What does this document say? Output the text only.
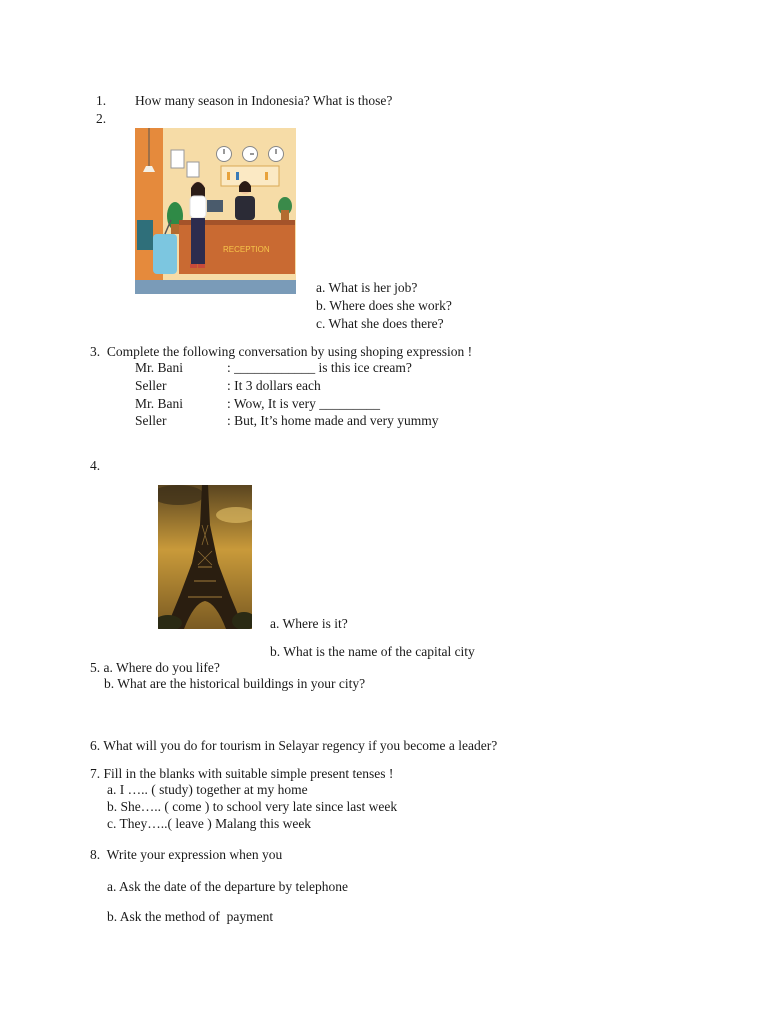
1. How many season in Indonesia? What is those?
2.
RECEPTION
a. What is her job?
b. Where does she work?
c. What she does there?
3.  Complete the following conversation by using shoping expression !
Mr. Bani	: ____________ is this ice cream?
Seller	: It 3 dollars each
Mr. Bani	: Wow, It is very _________
Seller	: But, It’s home made and very yummy
4.
a. Where is it?
b. What is the name of the capital city
5. a. Where do you life?
b. What are the historical buildings in your city?
6. What will you do for tourism in Selayar regency if you become a leader?
7. Fill in the blanks with suitable simple present tenses !
a. I ….. ( study) together at my home
b. She….. ( come ) to school very late since last week
c. They…..( leave ) Malang this week
8.  Write your expression when you
a. Ask the date of the departure by telephone
b. Ask the method of  payment
